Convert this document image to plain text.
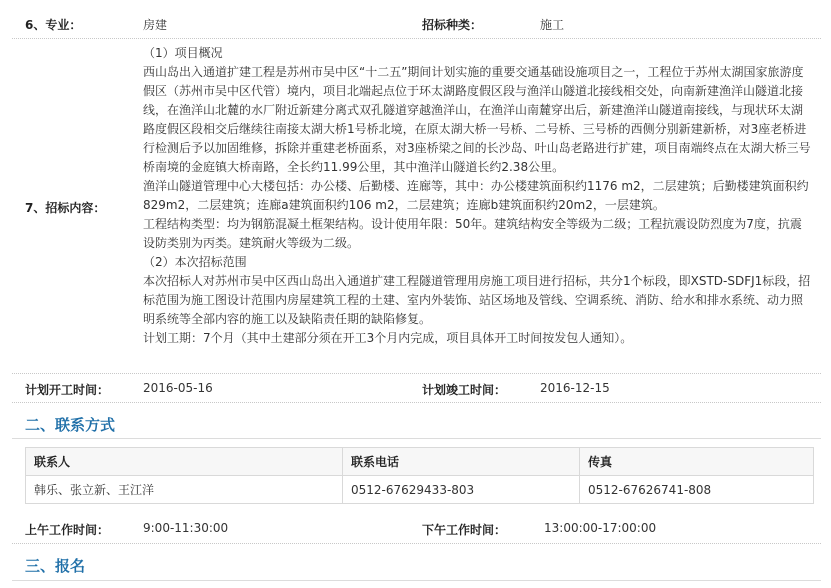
6、专业：	房建	招标种类：	施工
7、招标内容：

（1）项目概况

西山岛出入通道扩建工程是苏州市吴中区“十二五”期间计划实施的重要交通基础设施项目之一，工程位于苏州太湖国家旅游度假区（苏州市吴中区代管）境内，项目北端起点位于环太湖路度假区段与渔洋山隧道北接线相交处，向南新建渔洋山隧道北接线，在渔洋山北麓的水厂附近新建分离式双孔隧道穿越渔洋山，在渔洋山南麓穿出后，新建渔洋山隧道南接线，与现状环太湖路度假区段相交后继续往南接太湖大桥1号桥北境，在原太湖大桥一号桥、二号桥、三号桥的西侧分别新建新桥，对3座老桥进行检测后予以加固维修，拆除并重建老桥面系，对3座桥梁之间的长沙岛、叶山岛老路进行扩建，项目南端终点在太湖大桥三号桥南境的金庭镇大桥南路，全长约11.99公里，其中渔洋山隧道长约2.38公里。

渔洋山隧道管理中心大楼包括：办公楼、后勤楼、连廊等，其中：办公楼建筑面积约1176 m2，二层建筑；后勤楼建筑面积约829m2，二层建筑；连廊a建筑面积约106 m2，二层建筑；连廊b建筑面积约20m2，一层建筑。

工程结构类型：均为钢筋混凝土框架结构。设计使用年限：50年。建筑结构安全等级为二级；工程抗震设防烈度为7度，抗震设防类别为丙类。建筑耐火等级为二级。

（2）本次招标范围

本次招标人对苏州市吴中区西山岛出入通道扩建工程隧道管理用房施工项目进行招标，共分1个标段，即XSTD-SDFJ1标段，招标范围为施工图设计范围内房屋建筑工程的土建、室内外装饰、站区场地及管线、空调系统、消防、给水和排水系统、动力照明系统等全部内容的施工以及缺陷责任期的缺陷修复。

计划工期：7个月（其中土建部分须在开工3个月内完成，项目具体开工时间按发包人通知）。

计划开工时间：	2016-05-16	计划竣工时间：	2016-12-15
二、联系方式
联系人	联系电话	传真
韩乐、张立新、王江洋	0512-67629433-803	0512-67626741-808
上午工作时间：	9:00-11:30:00	下午工作时间：	13:00:00-17:00:00
三、报名
